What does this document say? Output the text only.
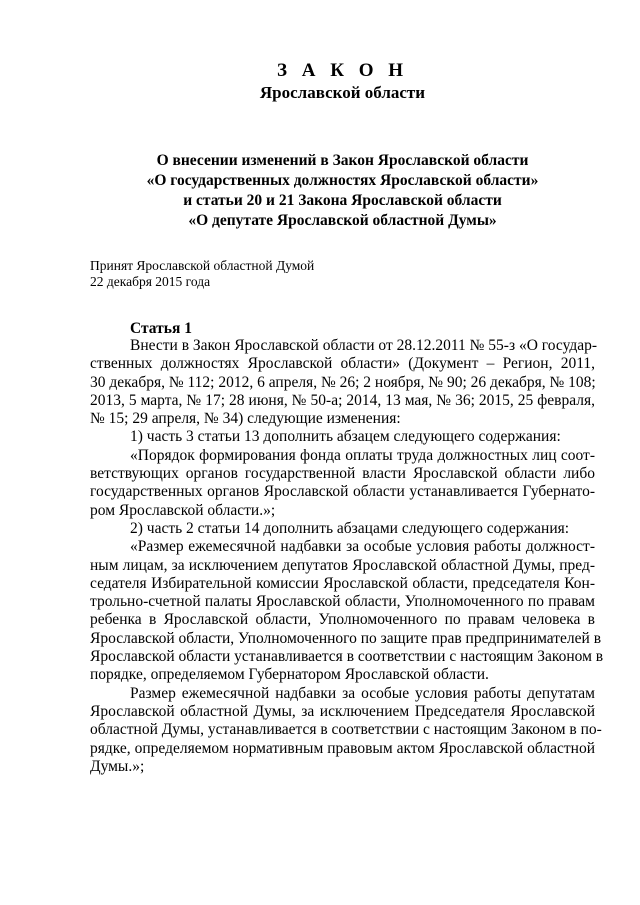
З А К О Н
Ярославской области
О внесении изменений в Закон Ярославской области
«О государственных должностях Ярославской области»
и статьи 20 и 21 Закона Ярославской области
«О депутате Ярославской областной Думы»
Принят Ярославской областной Думой
22 декабря 2015 года
Статья 1
Внести в Закон Ярославской области от 28.12.2011 № 55-з «О государ-
ственных должностях Ярославской области» (Документ – Регион, 2011,
30 декабря, № 112; 2012, 6 апреля, № 26; 2 ноября, № 90; 26 декабря, № 108;
2013, 5 марта, № 17; 28 июня, № 50-а; 2014, 13 мая, № 36; 2015, 25 февраля,
№ 15; 29 апреля, № 34) следующие изменения:
1) часть 3 статьи 13 дополнить абзацем следующего содержания:
«Порядок формирования фонда оплаты труда должностных лиц соот-
ветствующих органов государственной власти Ярославской области либо
государственных органов Ярославской области устанавливается Губернато-
ром Ярославской области.»;
2) часть 2 статьи 14 дополнить абзацами следующего содержания:
«Размер ежемесячной надбавки за особые условия работы должност-
ным лицам, за исключением депутатов Ярославской областной Думы, пред-
седателя Избирательной комиссии Ярославской области, председателя Кон-
трольно-счетной палаты Ярославской области, Уполномоченного по правам
ребенка в Ярославской области, Уполномоченного по правам человека в
Ярославской области, Уполномоченного по защите прав предпринимателей в
Ярославской области устанавливается в соответствии с настоящим Законом в
порядке, определяемом Губернатором Ярославской области.
Размер ежемесячной надбавки за особые условия работы депутатам
Ярославской областной Думы, за исключением Председателя Ярославской
областной Думы, устанавливается в соответствии с настоящим Законом в по-
рядке, определяемом нормативным правовым актом Ярославской областной
Думы.»;
